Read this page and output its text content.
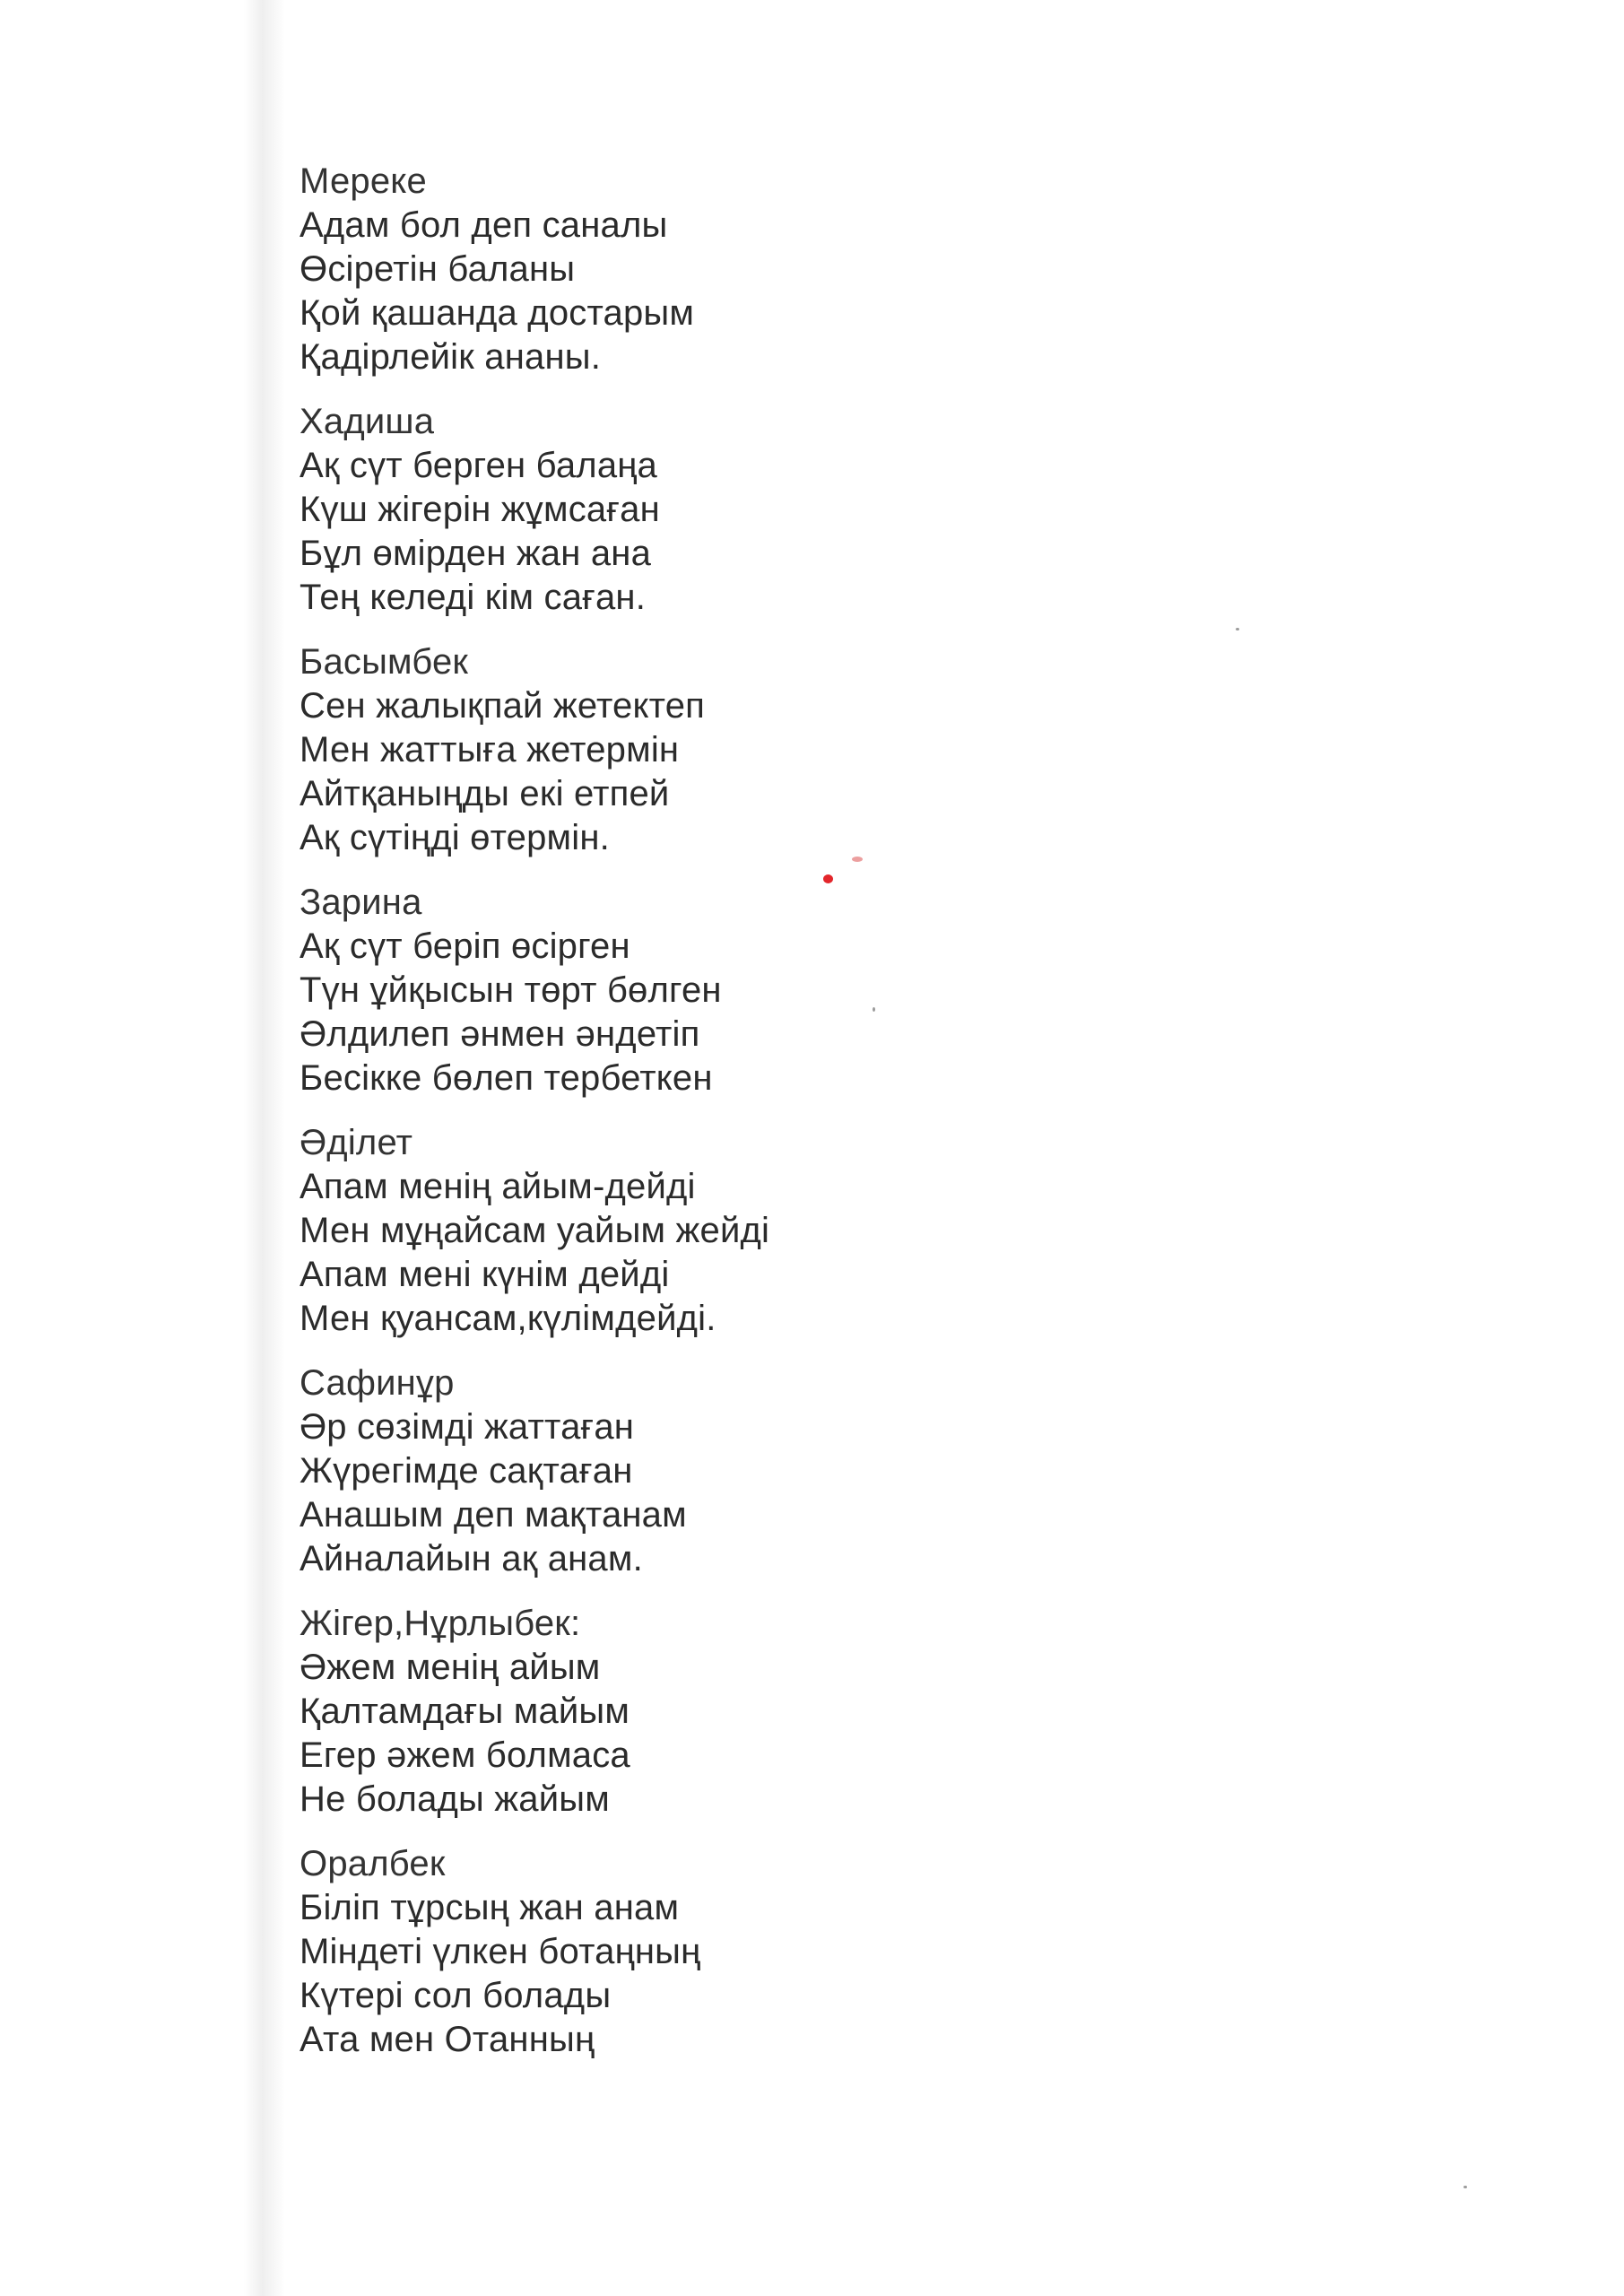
Мереке
Адам бол деп саналы
Өсіретін баланы
Қой қашанда достарым
Қадірлейік ананы.
Хадиша
Ақ сүт берген балаңа
Күш жігерін жұмсаған
Бұл өмірден жан ана
Тең келеді кім саған.
Басымбек
Сен жалықпай жетектеп
Мен жаттыға жетермін
Айтқаныңды екі етпей
Ақ сүтіңді өтермін.
Зарина
Ақ сүт беріп өсірген
Түн ұйқысын төрт бөлген
Әлдилеп әнмен әндетіп
Бесікке бөлеп тербеткен
Әділет
Апам менің айым-дейді
Мен мұңайсам уайым жейді
Апам мені күнім дейді
Мен қуансам,күлімдейді.
Сафинұр
Әр сөзімді жаттаған
Жүрегімде сақтаған
Анашым деп мақтанам
Айналайын ақ анам.
Жігер,Нұрлыбек:
Әжем менің айым
Қалтамдағы майым
Егер әжем болмаса
Не болады жайым
Оралбек
Біліп тұрсың жан анам
Міндеті үлкен ботаңның
Күтері сол болады
Ата мен Отанның
